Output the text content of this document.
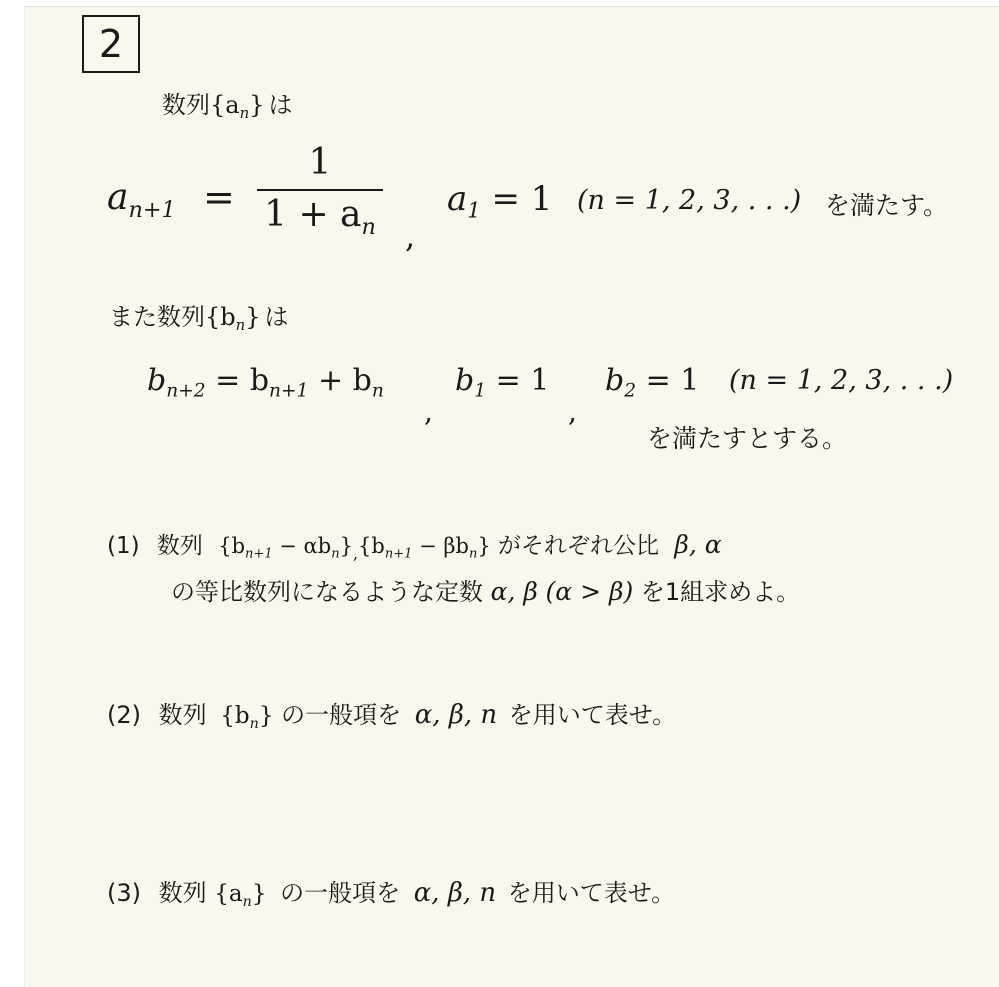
2
数列$\{a_n\}$ は
$a_{n+1}$ =
1
$1 + a_n$ ,
$a_1 = 1$ (n = 1, 2, 3, . . .) を満たす。
また数列$\{b_n\}$ は
$b_{n+2} = b_{n+1} + b_n$
,
$b_1 = 1$
,
$b_2 = 1$ (n = 1, 2, 3, . . .)
を満たすとする。
(1) 数列 $\{b_{n+1} - \alpha b_n\}_,\{b_{n+1} - \beta b_n\}$ がそれぞれ公比 β, α
の等比数列になるような定数 α, β (α > β) を1組求めよ。
(2) 数列 $\{b_n\}$ の一般項を α, β, n を用いて表せ。
(3) 数列 $\{a_n\}$ の一般項を α, β, n を用いて表せ。
